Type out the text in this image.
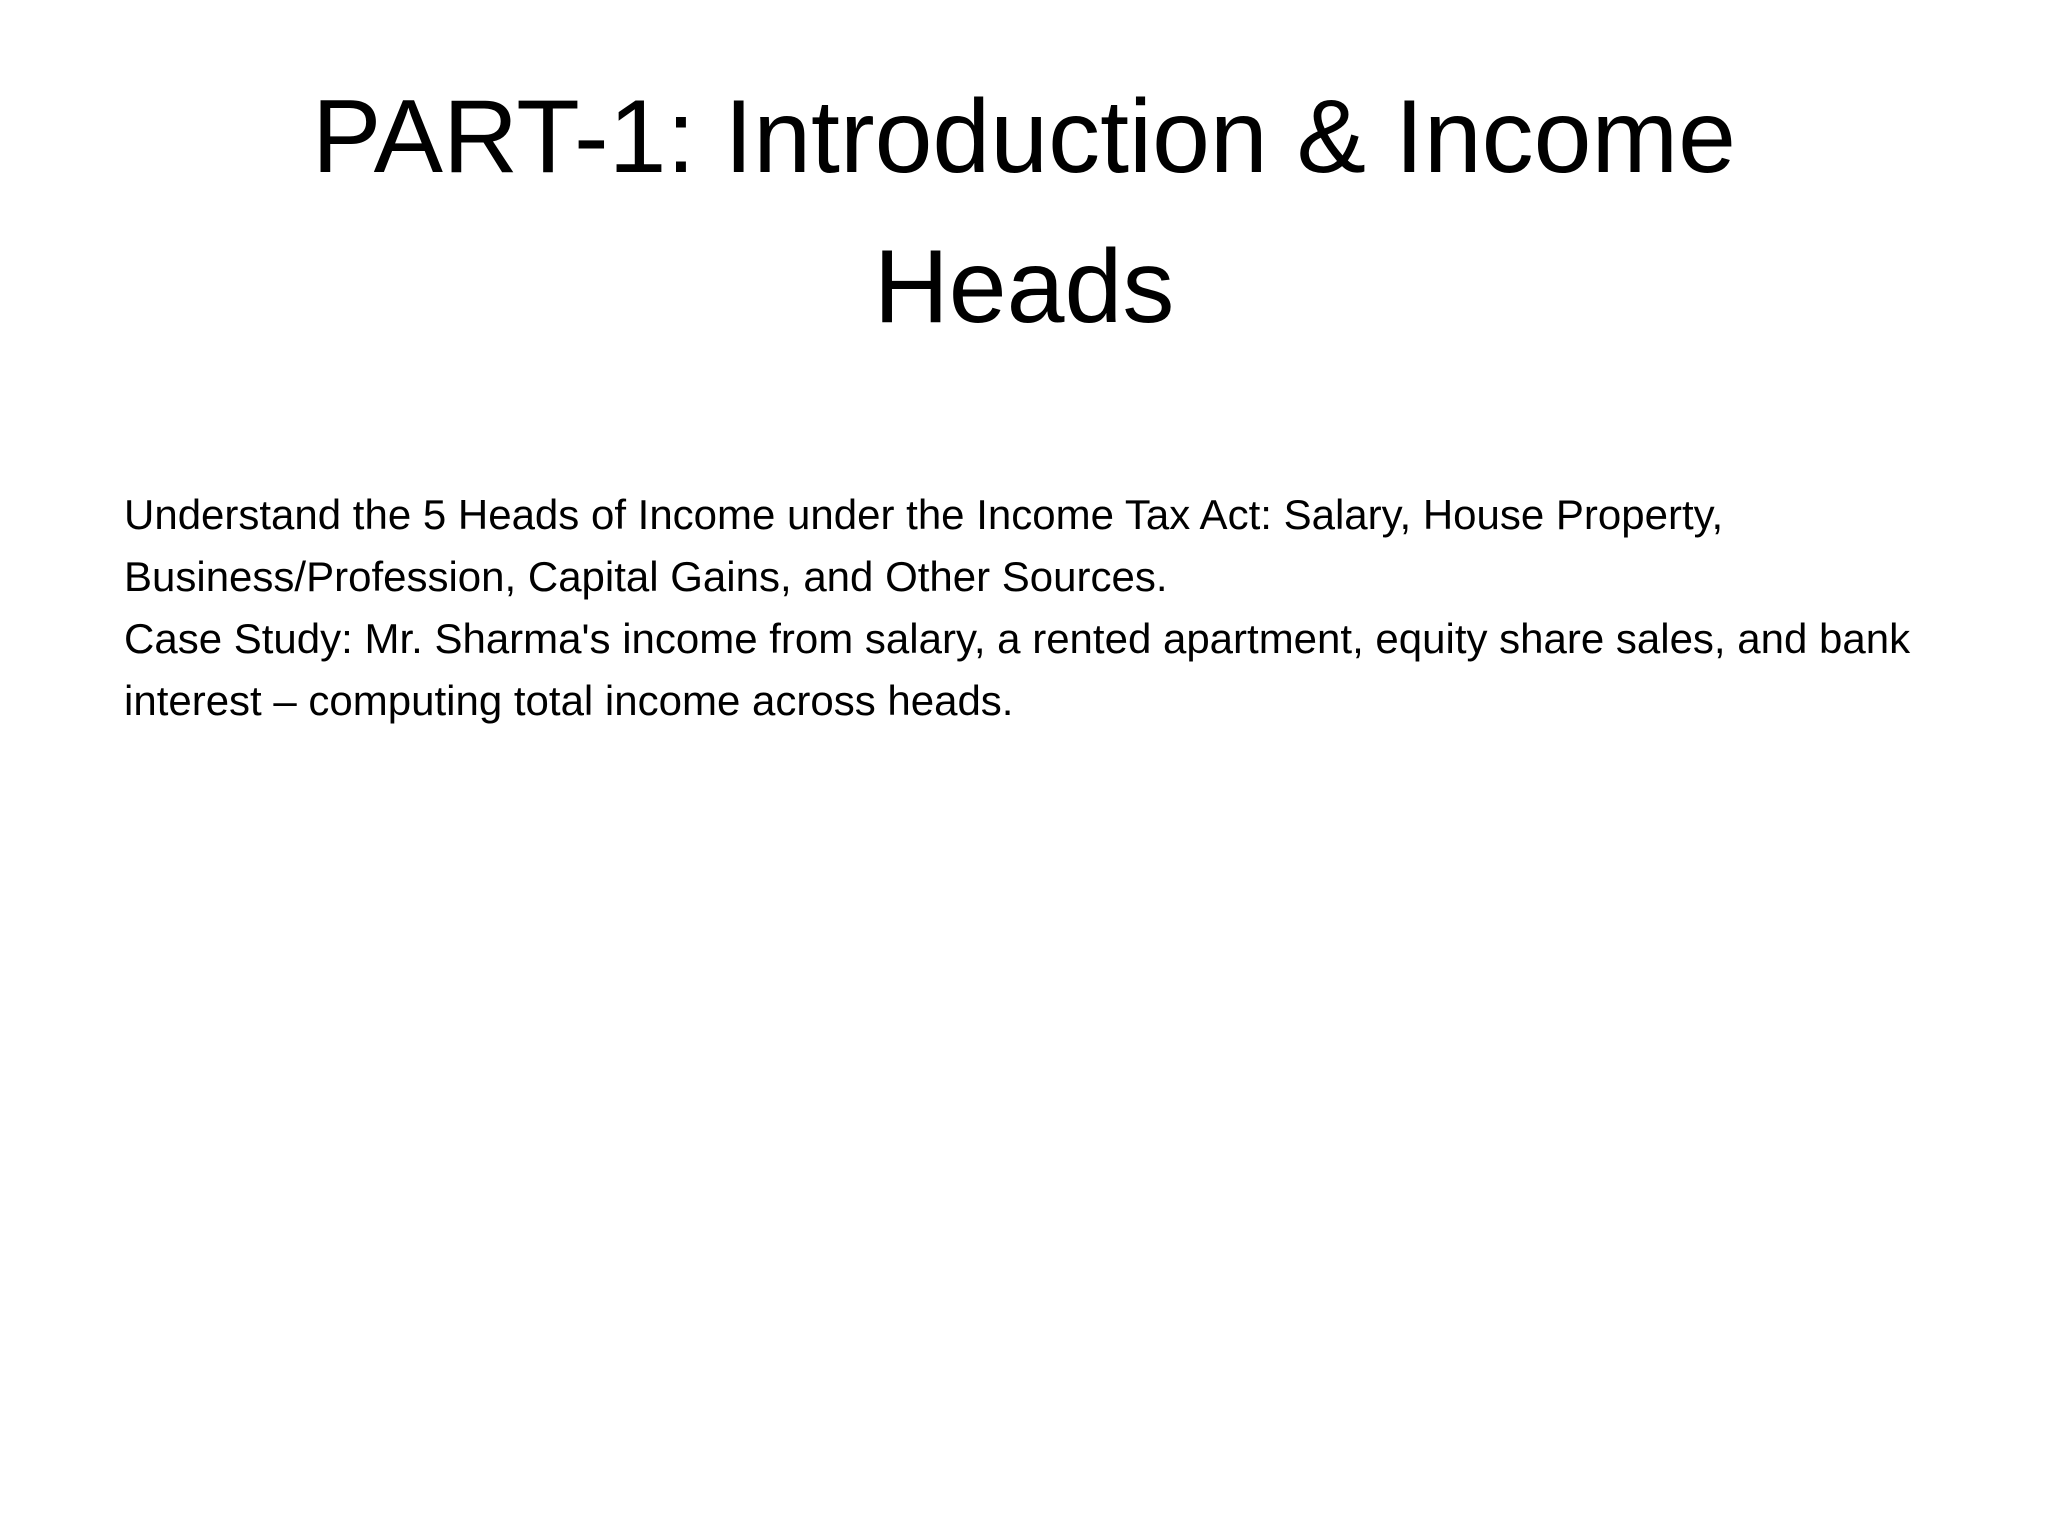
PART-1: Introduction & Income Heads

Understand the 5 Heads of Income under the Income Tax Act: Salary, House Property, Business/Profession, Capital Gains, and Other Sources.

Case Study: Mr. Sharma's income from salary, a rented apartment, equity share sales, and bank interest – computing total income across heads.
